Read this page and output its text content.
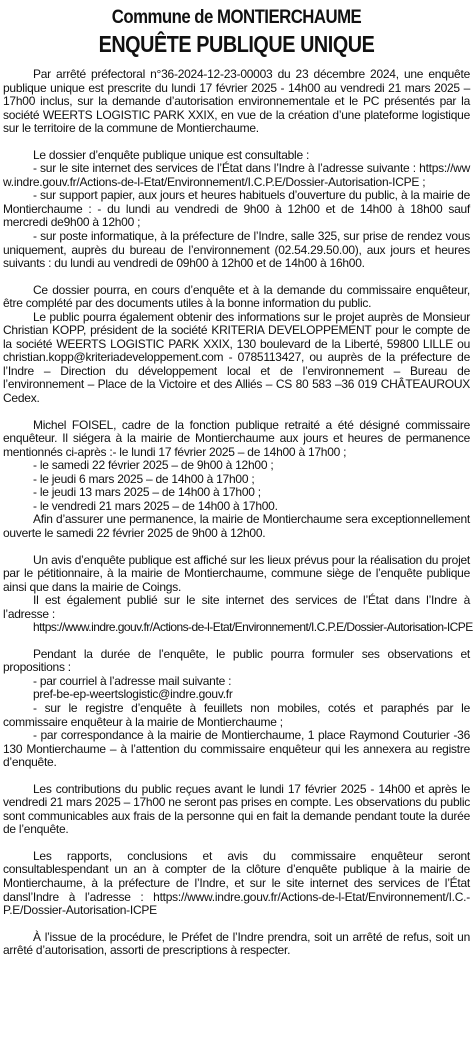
Commune de MONTIERCHAUME
ENQUÊTE PUBLIQUE UNIQUE

Par arrêté préfectoral n°36-2024-12-23-00003 du 23 décembre 2024, une enquête publique unique est prescrite du lundi 17 février 2025 - 14h00 au vendredi 21 mars 2025 – 17h00 inclus, sur la demande d’autorisation environnementale et le PC présentés par la société WEERTS LOGISTIC PARK XXIX, en vue de la création d’une plateforme logistique sur le territoire de la commune de Montierchaume.

Le dossier d’enquête publique unique est consultable :

- sur le site internet des services de l’État dans l’Indre à l’adresse suivante : https://www.indre.gouv.fr/Actions-de-l-Etat/Environnement/I.C.P.E/Dossier-Autorisation-ICPE ;

- sur support papier, aux jours et heures habituels d’ouverture du public, à la mairie de Montierchaume : - du lundi au vendredi de 9h00 à 12h00 et de 14h00 à 18h00 sauf mercredi de9h00 à 12h00 ;

- sur poste informatique, à la préfecture de l’Indre, salle 325, sur prise de rendez vous uniquement, auprès du bureau de l’environnement (02.54.29.50.00), aux jours et heures suivants : du lundi au vendredi de 09h00 à 12h00 et de 14h00 à 16h00.

Ce dossier pourra, en cours d’enquête et à la demande du commissaire enquêteur, être complété par des documents utiles à la bonne information du public.

Le public pourra également obtenir des informations sur le projet auprès de Monsieur Christian KOPP, président de la société KRITERIA DEVELOPPEMENT pour le compte de la société WEERTS LOGISTIC PARK XXIX, 130 boulevard de la Liberté, 59800 LILLE ou christian.kopp@kriteriadeveloppement.com - 0785113427, ou auprès de la préfecture de l’Indre – Direction du développement local et de l’environnement – Bureau de l’environnement – Place de la Victoire et des Alliés – CS 80 583 –36 019 CHÂTEAUROUX Cedex.

Michel FOISEL, cadre de la fonction publique retraité a été désigné commissaire enquêteur. Il siégera à la mairie de Montierchaume aux jours et heures de permanence mentionnés ci-après :- le lundi 17 février 2025 – de 14h00 à 17h00 ;

- le samedi 22 février 2025 – de 9h00 à 12h00 ;

- le jeudi 6 mars 2025 – de 14h00 à 17h00 ;

- le jeudi 13 mars 2025 – de 14h00 à 17h00 ;

- le vendredi 21 mars 2025 – de 14h00 à 17h00.

Afin d’assurer une permanence, la mairie de Montierchaume sera exceptionnellement ouverte le samedi 22 février 2025 de 9h00 à 12h00.

Un avis d’enquête publique est affiché sur les lieux prévus pour la réalisation du projet par le pétitionnaire, à la mairie de Montierchaume, commune siège de l’enquête publique ainsi que dans la mairie de Coings.

Il est également publié sur le site internet des services de l’État dans l’Indre à l’adresse :

https://www.indre.gouv.fr/Actions-de-l-Etat/Environnement/I.C.P.E/Dossier-Autorisation-ICPE

Pendant la durée de l’enquête, le public pourra formuler ses observations et propositions :

- par courriel à l’adresse mail suivante :

pref-be-ep-weertslogistic@indre.gouv.fr

- sur le registre d’enquête à feuillets non mobiles, cotés et paraphés par le commissaire enquêteur à la mairie de Montierchaume ;

- par correspondance à la mairie de Montierchaume, 1 place Raymond Couturier -36 130 Montierchaume – à l’attention du commissaire enquêteur qui les annexera au registre d’enquête.

Les contributions du public reçues avant le lundi 17 février 2025 - 14h00 et après le vendredi 21 mars 2025 – 17h00 ne seront pas prises en compte. Les observations du public sont communicables aux frais de la personne qui en fait la demande pendant toute la durée de l’enquête.

Les rapports, conclusions et avis du commissaire enquêteur seront consultablespendant un an à compter de la clôture d’enquête publique à la mairie de Montierchaume, à la préfecture de l’Indre, et sur le site internet des services de l’État dansl’Indre à l’adresse : https://www.indre.gouv.fr/Actions-de-l-Etat/Environnement/I.C.-P.E/Dossier-Autorisation-ICPE

À l’issue de la procédure, le Préfet de l’Indre prendra, soit un arrêté de refus, soit un arrêté d’autorisation, assorti de prescriptions à respecter.
